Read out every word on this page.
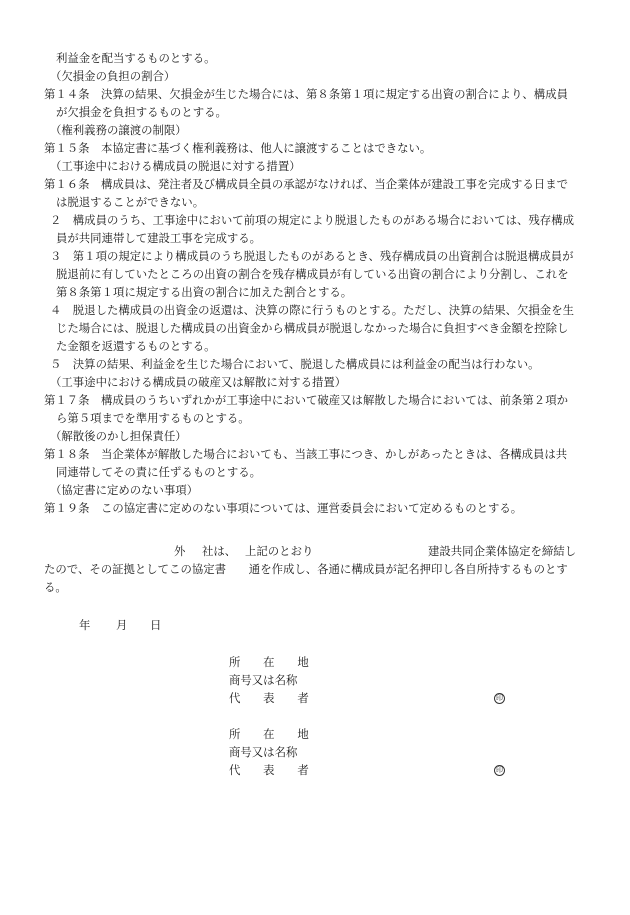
利益金を配当するものとする。
（欠損金の負担の割合）
第１４条　決算の結果、欠損金が生じた場合には、第８条第１項に規定する出資の割合により、構成員
が欠損金を負担するものとする。
（権利義務の譲渡の制限）
第１５条　本協定書に基づく権利義務は、他人に譲渡することはできない。
（工事途中における構成員の脱退に対する措置）
第１６条　構成員は、発注者及び構成員全員の承認がなければ、当企業体が建設工事を完成する日まで
は脱退することができない。
２　構成員のうち、工事途中において前項の規定により脱退したものがある場合においては、残存構成
員が共同連帯して建設工事を完成する。
３　第１項の規定により構成員のうち脱退したものがあるとき、残存構成員の出資割合は脱退構成員が
脱退前に有していたところの出資の割合を残存構成員が有している出資の割合により分割し、これを
第８条第１項に規定する出資の割合に加えた割合とする。
４　脱退した構成員の出資金の返還は、決算の際に行うものとする。ただし、決算の結果、欠損金を生
じた場合には、脱退した構成員の出資金から構成員が脱退しなかった場合に負担すべき金額を控除し
た金額を返還するものとする。
５　決算の結果、利益金を生じた場合において、脱退した構成員には利益金の配当は行わない。
（工事途中における構成員の破産又は解散に対する措置）
第１７条　構成員のうちいずれかが工事途中において破産又は解散した場合においては、前条第２項か
ら第５項までを準用するものとする。
（解散後のかし担保責任）
第１８条　当企業体が解散した場合においても、当該工事につき、かしがあったときは、各構成員は共
同連帯してその責に任ずるものとする。
（協定書に定めのない事項）
第１９条　この協定書に定めのない事項については、運営委員会において定めるものとする。
外 社は、 上記のとおり	建設共同企業体協定を締結し
たので、その証拠としてこの協定書　　通を作成し、各通に構成員が記名押印し各自所持するものとす
る。
年 月 日
所　　在　　地
商号又は名称
代　　表　　者	印
所　　在　　地
商号又は名称
代　　表　　者	印
